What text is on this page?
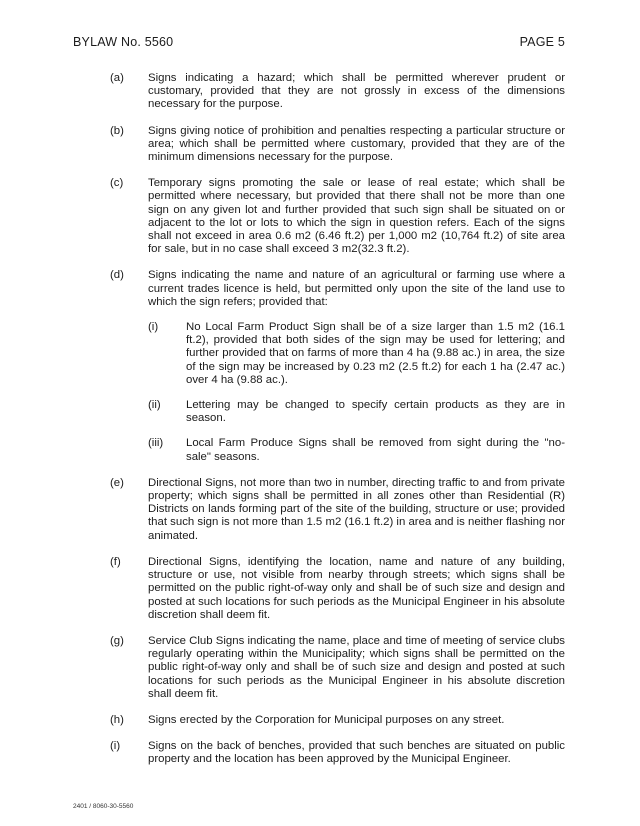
BYLAW No. 5560	PAGE 5
(a) Signs indicating a hazard; which shall be permitted wherever prudent or customary, provided that they are not grossly in excess of the dimensions necessary for the purpose.
(b) Signs giving notice of prohibition and penalties respecting a particular structure or area; which shall be permitted where customary, provided that they are of the minimum dimensions necessary for the purpose.
(c) Temporary signs promoting the sale or lease of real estate; which shall be permitted where necessary, but provided that there shall not be more than one sign on any given lot and further provided that such sign shall be situated on or adjacent to the lot or lots to which the sign in question refers. Each of the signs shall not exceed in area 0.6 m2 (6.46 ft.2) per 1,000 m2 (10,764 ft.2) of site area for sale, but in no case shall exceed 3 m2(32.3 ft.2).
(d) Signs indicating the name and nature of an agricultural or farming use where a current trades licence is held, but permitted only upon the site of the land use to which the sign refers; provided that:
(i) No Local Farm Product Sign shall be of a size larger than 1.5 m2 (16.1 ft.2), provided that both sides of the sign may be used for lettering; and further provided that on farms of more than 4 ha (9.88 ac.) in area, the size of the sign may be increased by 0.23 m2 (2.5 ft.2) for each 1 ha (2.47 ac.) over 4 ha (9.88 ac.).
(ii) Lettering may be changed to specify certain products as they are in season.
(iii) Local Farm Produce Signs shall be removed from sight during the "no-sale" seasons.
(e) Directional Signs, not more than two in number, directing traffic to and from private property; which signs shall be permitted in all zones other than Residential (R) Districts on lands forming part of the site of the building, structure or use; provided that such sign is not more than 1.5 m2 (16.1 ft.2) in area and is neither flashing nor animated.
(f) Directional Signs, identifying the location, name and nature of any building, structure or use, not visible from nearby through streets; which signs shall be permitted on the public right-of-way only and shall be of such size and design and posted at such locations for such periods as the Municipal Engineer in his absolute discretion shall deem fit.
(g) Service Club Signs indicating the name, place and time of meeting of service clubs regularly operating within the Municipality; which signs shall be permitted on the public right-of-way only and shall be of such size and design and posted at such locations for such periods as the Municipal Engineer in his absolute discretion shall deem fit.
(h) Signs erected by the Corporation for Municipal purposes on any street.
(i) Signs on the back of benches, provided that such benches are situated on public property and the location has been approved by the Municipal Engineer.
2401 / 8060-30-5560
